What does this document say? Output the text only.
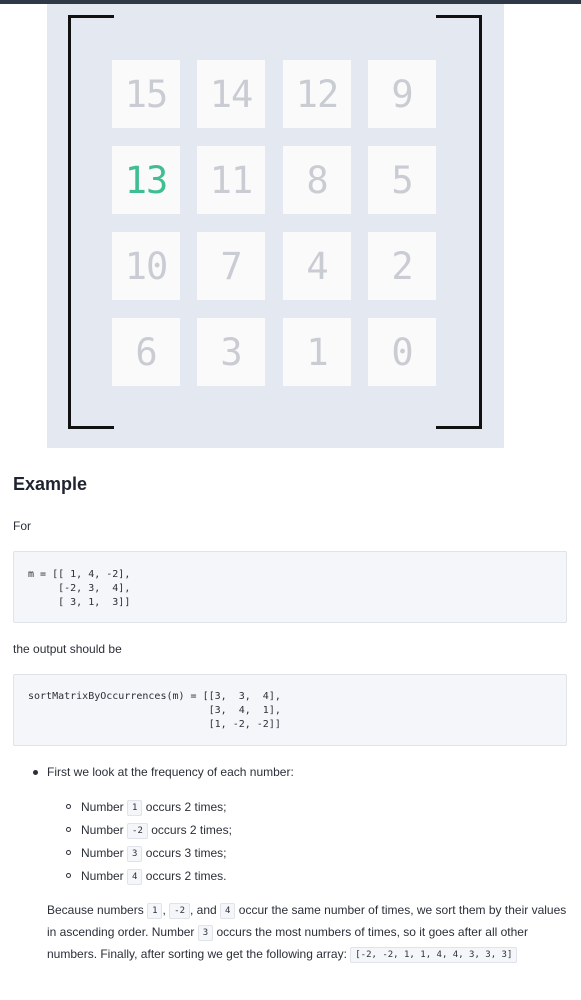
15	14	12	9
13	11	8	5
10	7	4	2
6	3	1	0
Example

For

m = [[ 1, 4, -2],
[-2, 3,  4],
[ 3, 1,  3]]

the output should be

sortMatrixByOccurrences(m) = [[3,  3,  4],
[3,  4,  1],
[1, -2, -2]]
First we look at the frequency of each number:
Number 1 occurs 2 times;
Number -2 occurs 2 times;
Number 3 occurs 3 times;
Number 4 occurs 2 times.
Because numbers 1 , -2 , and 4 occur the same number of times, we sort them by their values in ascending order. Number 3 occurs the most numbers of times, so it goes after all other numbers. Finally, after sorting we get the following array: [-2, -2, 1, 1, 4, 4, 3, 3, 3]
